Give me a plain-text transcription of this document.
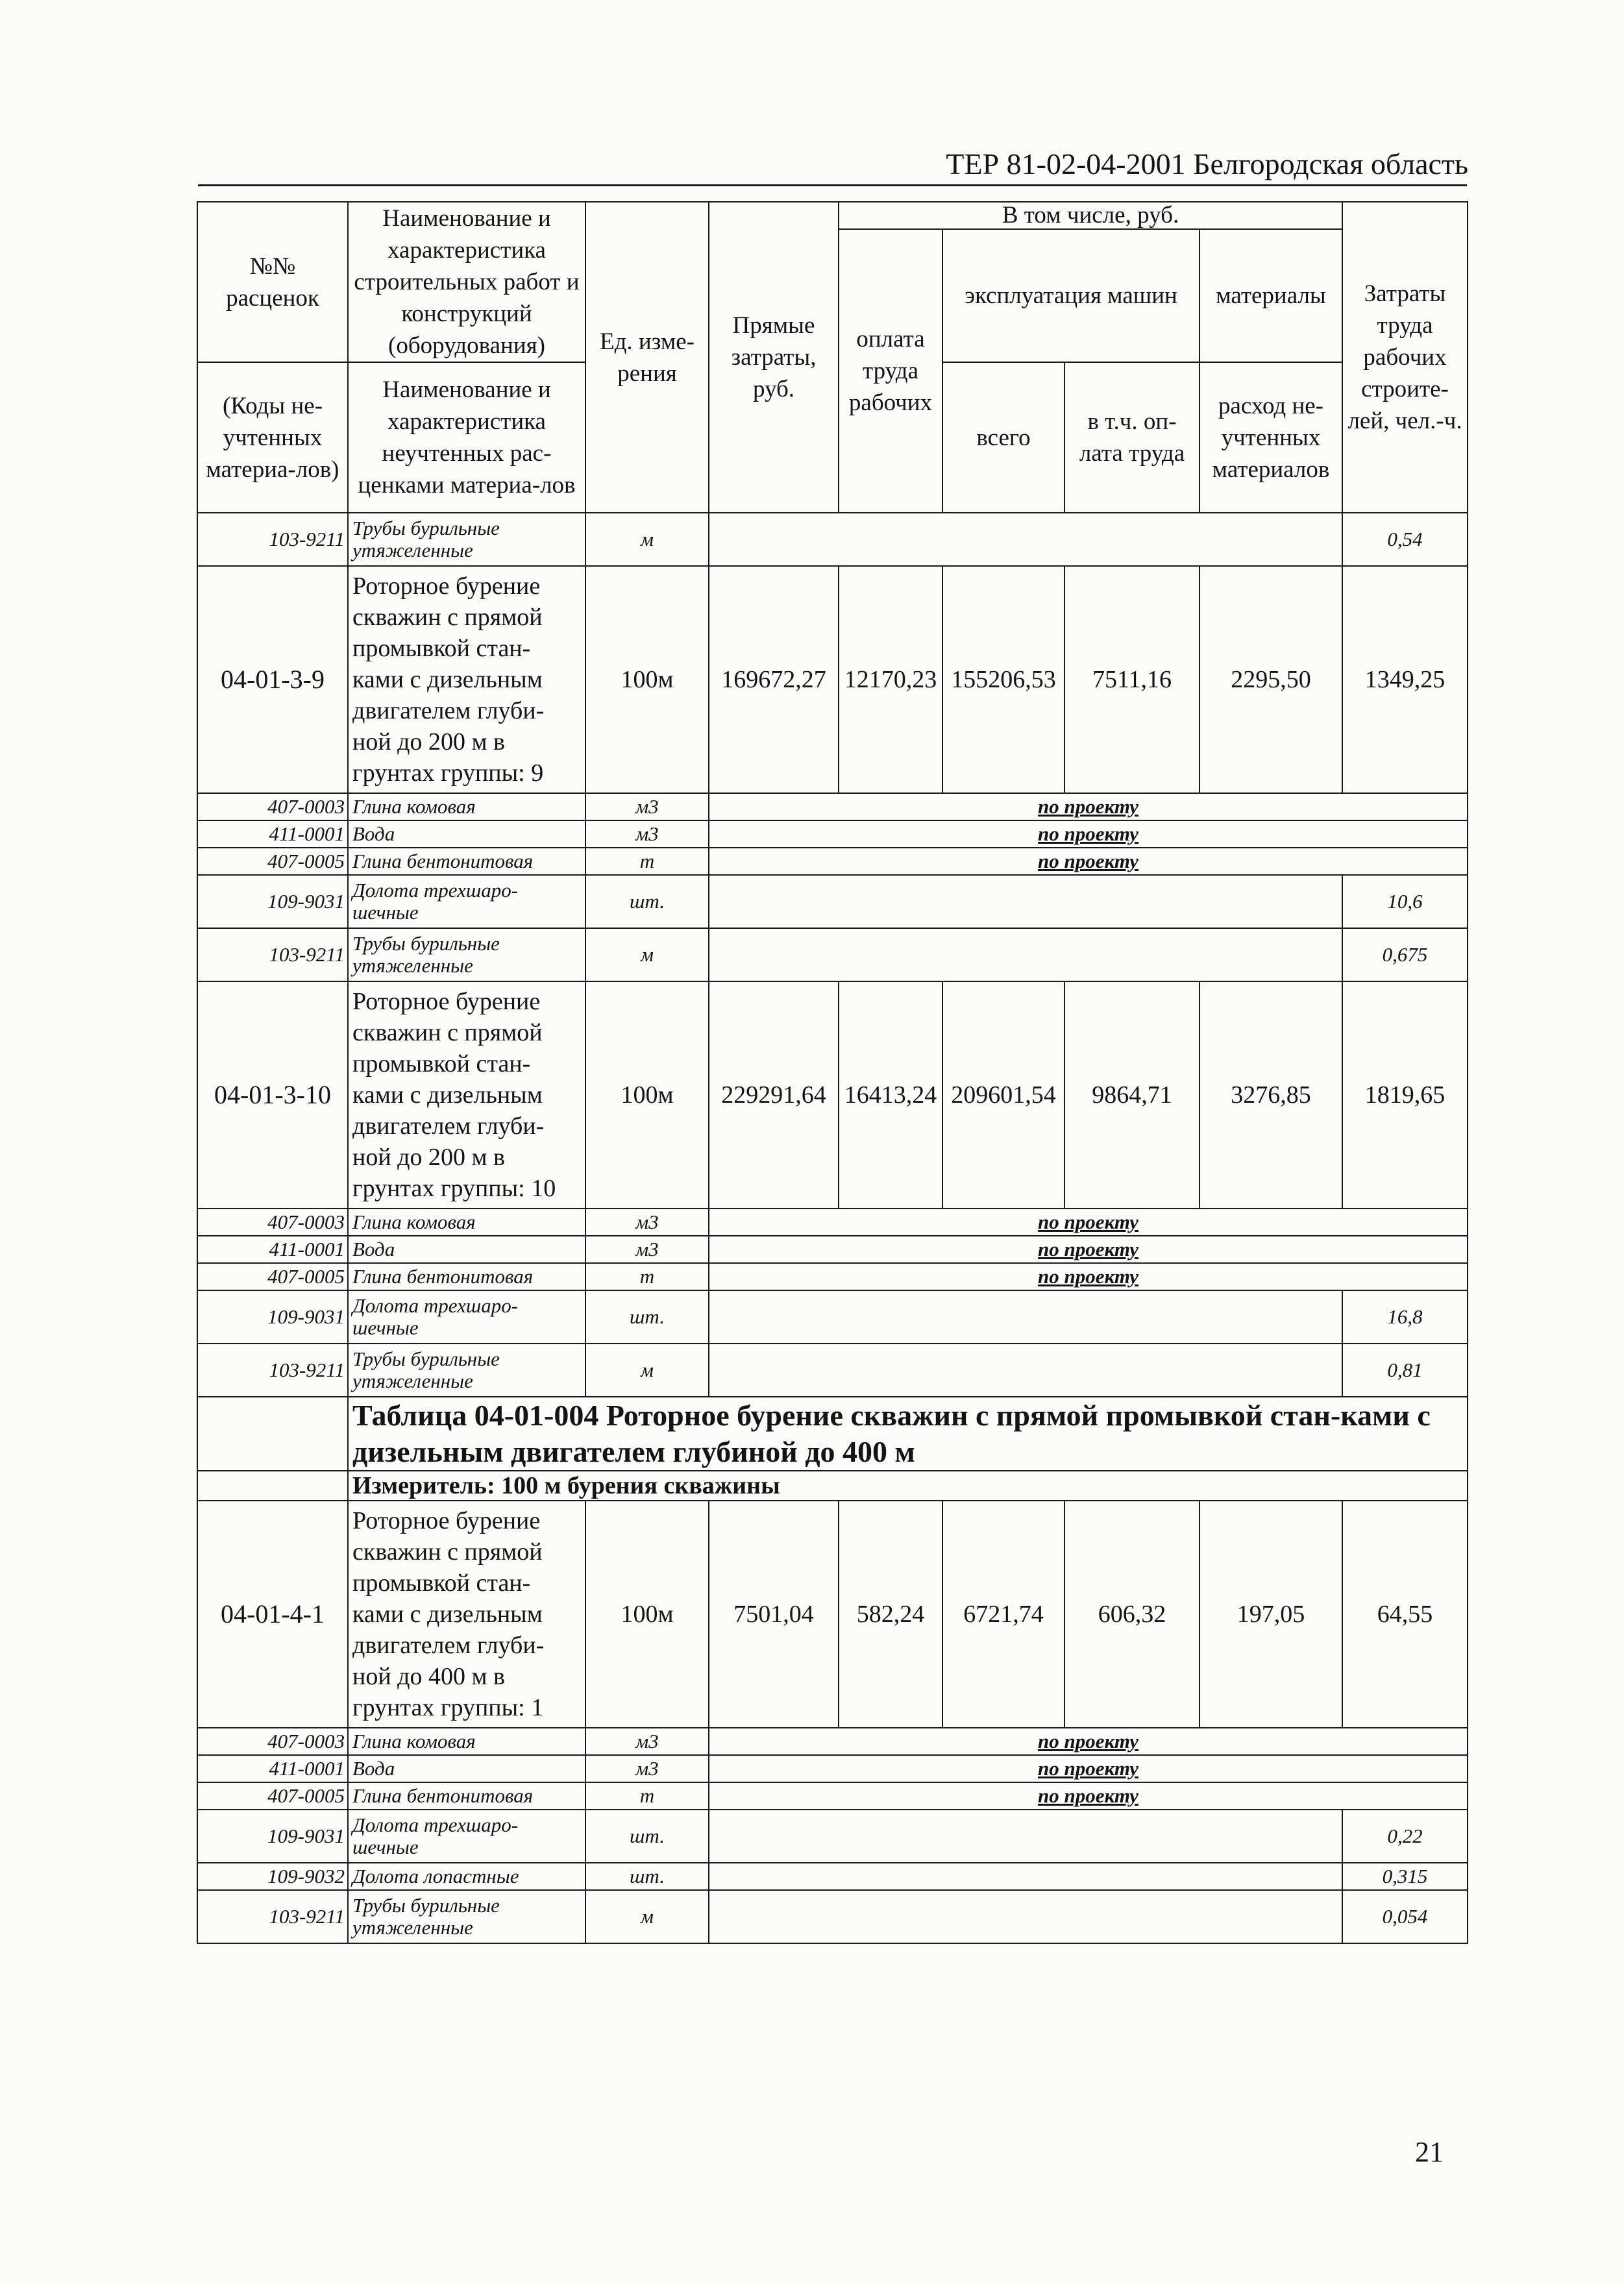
ТЕР 81-02-04-2001 Белгородская область
№№ расценок	Наименование и характеристика строительных работ и конструкций (оборудования)	Ед. изме-рения	Прямые затраты, руб.	В том числе, руб.				Затраты труда рабочих строите-лей, чел.-ч.	
				оплата труда рабочих	эксплуатация машин		материалы		
(Коды не-учтенных материа-лов)	Наименование и характеристика неучтенных рас-ценками материа-лов				всего	в т.ч. оп-лата труда	расход не-учтенных материалов		
103-9211	Трубы бурильные утяжеленные	м						0,54	
04-01-3-9	Роторное бурение скважин с прямой промывкой стан-ками с дизельным двигателем глуби-ной до 200 м в грунтах группы: 9	100м	169672,27	12170,23	155206,53	7511,16	2295,50	1349,25	
407-0003	Глина комовая	м3	по проекту						
411-0001	Вода	м3	по проекту						
407-0005	Глина бентонитовая	т	по проекту						
109-9031	Долота трехшаро-шечные	шт.						10,6	
103-9211	Трубы бурильные утяжеленные	м						0,675	
04-01-3-10	Роторное бурение скважин с прямой промывкой стан-ками с дизельным двигателем глуби-ной до 200 м в грунтах группы: 10	100м	229291,64	16413,24	209601,54	9864,71	3276,85	1819,65	
407-0003	Глина комовая	м3	по проекту						
411-0001	Вода	м3	по проекту						
407-0005	Глина бентонитовая	т	по проекту						
109-9031	Долота трехшаро-шечные	шт.						16,8	
103-9211	Трубы бурильные утяжеленные	м						0,81	
	Таблица 04-01-004 Роторное бурение скважин с прямой промывкой стан-ками с дизельным двигателем глубиной до 400 м								
	Измеритель: 100 м бурения скважины								
04-01-4-1	Роторное бурение скважин с прямой промывкой стан-ками с дизельным двигателем глуби-ной до 400 м в грунтах группы: 1	100м	7501,04	582,24	6721,74	606,32	197,05	64,55	
407-0003	Глина комовая	м3	по проекту						
411-0001	Вода	м3	по проекту						
407-0005	Глина бентонитовая	т	по проекту						
109-9031	Долота трехшаро-шечные	шт.						0,22	
109-9032	Долота лопастные	шт.						0,315	
103-9211	Трубы бурильные утяжеленные	м						0,054	
21
